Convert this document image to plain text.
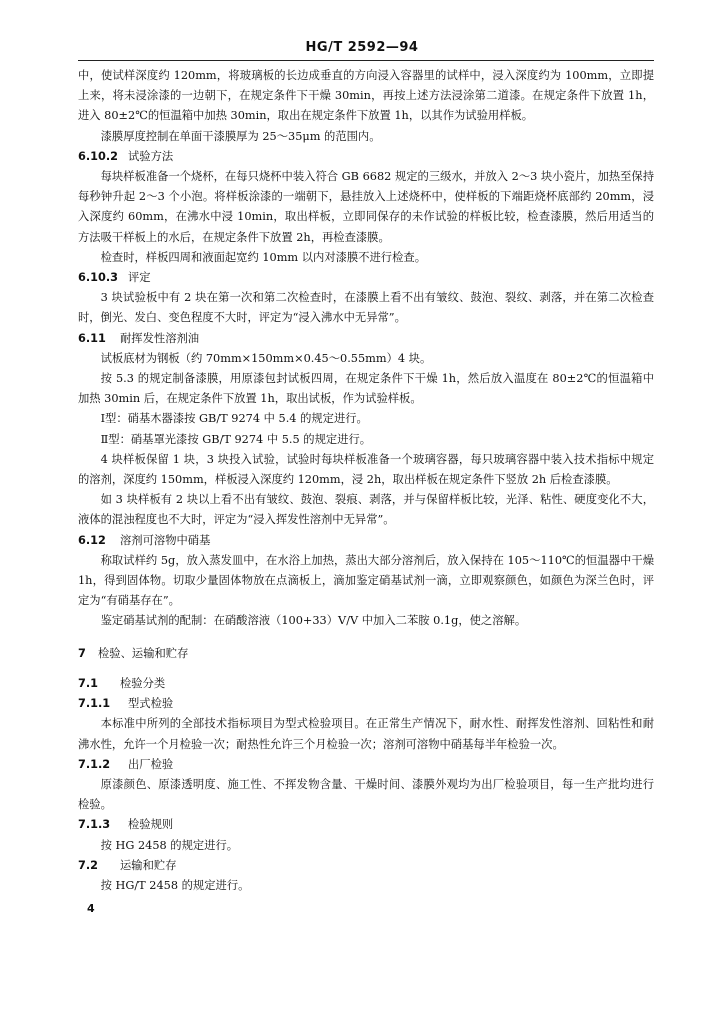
HG/T 2592—94

中，使试样深度约 120mm，将玻璃板的长边成垂直的方向浸入容器里的试样中，浸入深度约为 100mm，立即提上来，将未浸涂漆的一边朝下，在规定条件下干燥 30min，再按上述方法浸涂第二道漆。在规定条件下放置 1h，进入 80±2℃的恒温箱中加热 30min，取出在规定条件下放置 1h，以其作为试验用样板。

漆膜厚度控制在单面干漆膜厚为 25～35μm 的范围内。

6.10.2 试验方法

每块样板准备一个烧杯，在每只烧杯中装入符合 GB 6682 规定的三级水，并放入 2～3 块小瓷片，加热至保持每秒钟升起 2～3 个小泡。将样板涂漆的一端朝下，悬挂放入上述烧杯中，使样板的下端距烧杯底部约 20mm，浸入深度约 60mm，在沸水中浸 10min，取出样板，立即同保存的未作试验的样板比较，检查漆膜，然后用适当的方法吸干样板上的水后，在规定条件下放置 2h，再检查漆膜。

检查时，样板四周和液面起宽约 10mm 以内对漆膜不进行检查。

6.10.3 评定

3 块试验板中有 2 块在第一次和第二次检查时，在漆膜上看不出有皱纹、鼓泡、裂纹、剥落，并在第二次检查时，倒光、发白、变色程度不大时，评定为“浸入沸水中无异常”。

6.11 耐挥发性溶剂油

试板底材为钢板（约 70mm×150mm×0.45～0.55mm）4 块。

按 5.3 的规定制备漆膜，用原漆包封试板四周，在规定条件下干燥 1h，然后放入温度在 80±2℃的恒温箱中加热 30min 后，在规定条件下放置 1h，取出试板，作为试验样板。

Ⅰ型：硝基木器漆按 GB/T 9274 中 5.4 的规定进行。

Ⅱ型：硝基罩光漆按 GB/T 9274 中 5.5 的规定进行。

4 块样板保留 1 块，3 块投入试验，试验时每块样板准备一个玻璃容器，每只玻璃容器中装入技术指标中规定的溶剂，深度约 150mm，样板浸入深度约 120mm，浸 2h，取出样板在规定条件下竖放 2h 后检查漆膜。

如 3 块样板有 2 块以上看不出有皱纹、鼓泡、裂痕、剥落，并与保留样板比较，光泽、粘性、硬度变化不大，液体的混浊程度也不大时，评定为“浸入挥发性溶剂中无异常”。

6.12 溶剂可溶物中硝基

称取试样约 5g，放入蒸发皿中，在水浴上加热，蒸出大部分溶剂后，放入保持在 105～110℃的恒温器中干燥 1h，得到固体物。切取少量固体物放在点滴板上，滴加鉴定硝基试剂一滴，立即观察颜色，如颜色为深兰色时，评定为“有硝基存在”。

鉴定硝基试剂的配制：在硝酸溶液（100+33）V/V 中加入二苯胺 0.1g，使之溶解。

7 检验、运输和贮存

7.1 检验分类

7.1.1 型式检验

本标准中所列的全部技术指标项目为型式检验项目。在正常生产情况下，耐水性、耐挥发性溶剂、回粘性和耐沸水性，允许一个月检验一次；耐热性允许三个月检验一次；溶剂可溶物中硝基每半年检验一次。

7.1.2 出厂检验

原漆颜色、原漆透明度、施工性、不挥发物含量、干燥时间、漆膜外观均为出厂检验项目，每一生产批均进行检验。

7.1.3 检验规则

按 HG 2458 的规定进行。

7.2 运输和贮存

按 HG/T 2458 的规定进行。

4
